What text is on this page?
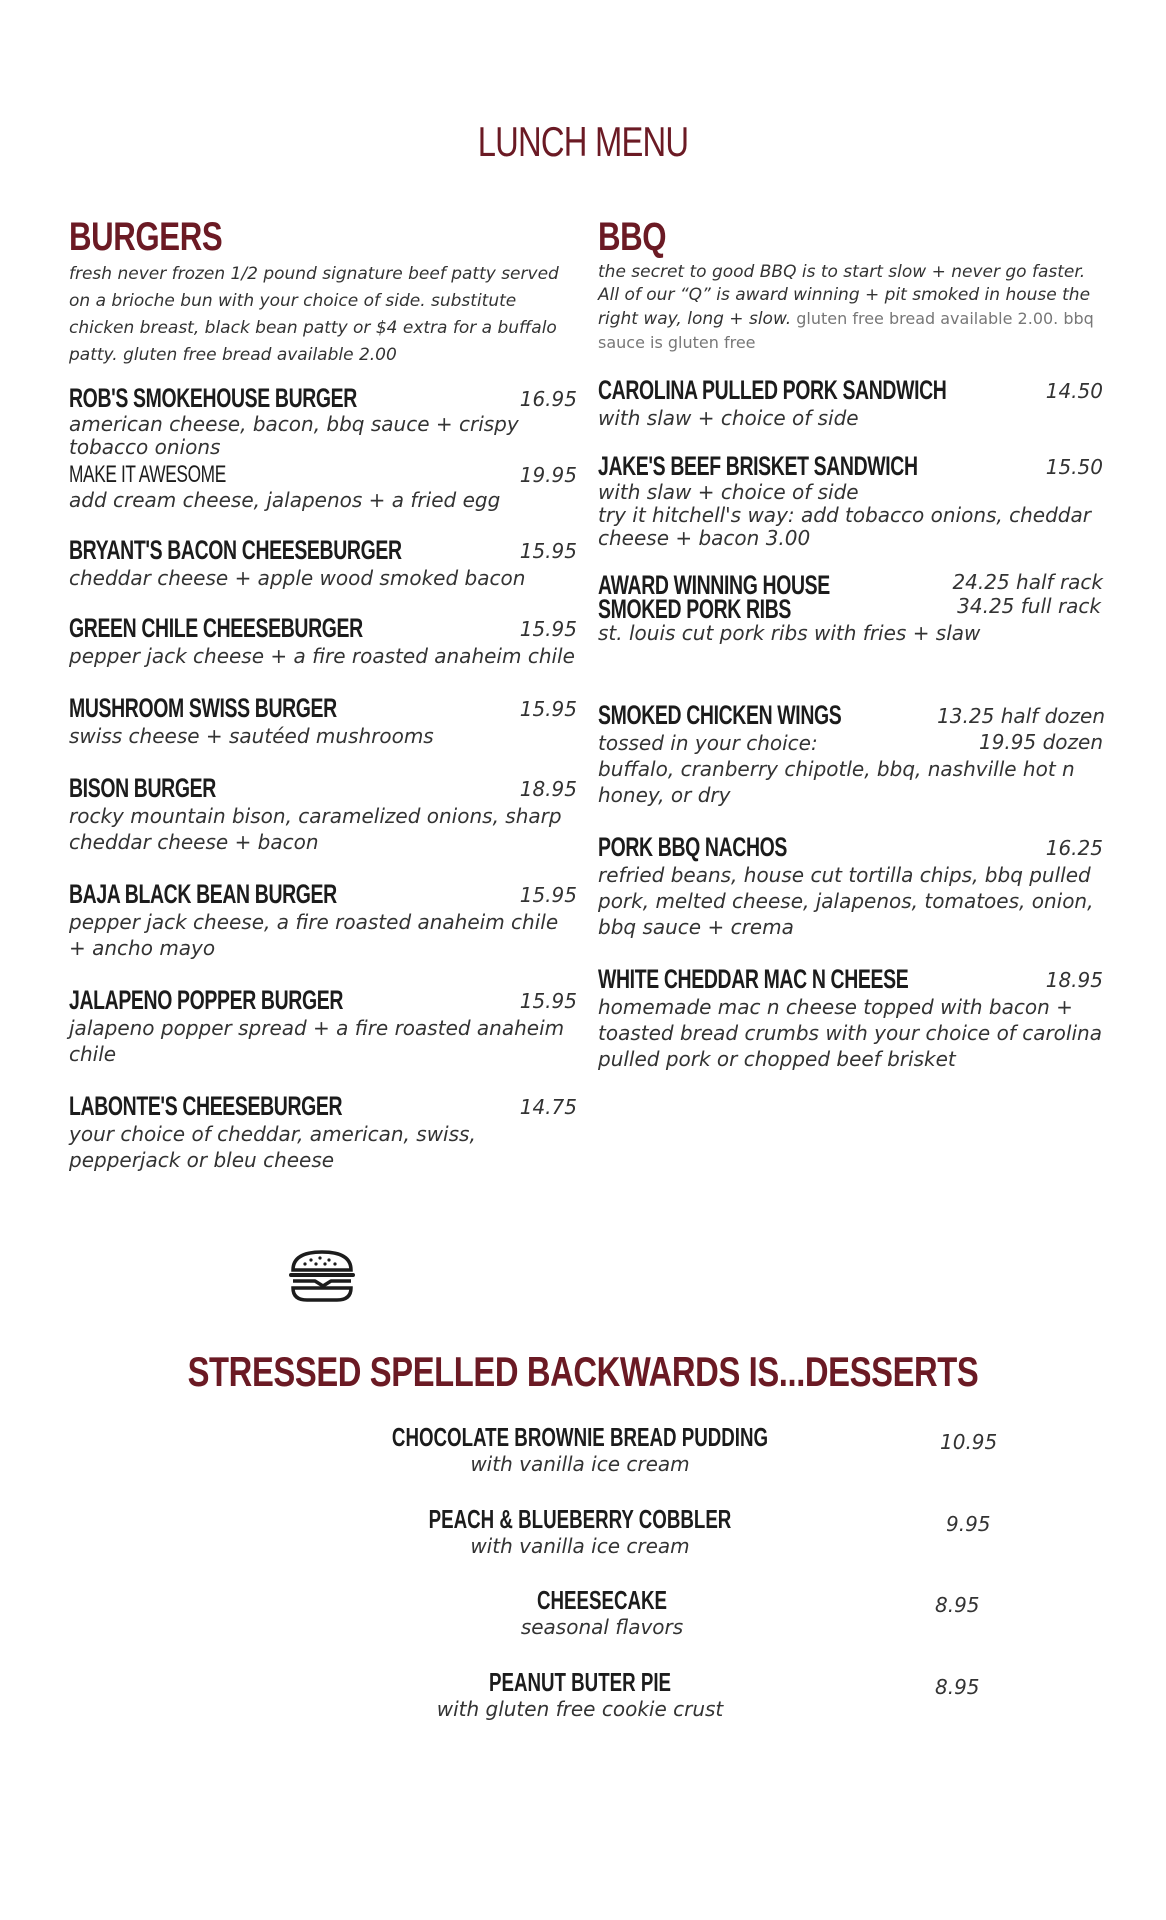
LUNCH MENU
BURGERS
fresh never frozen 1/2 pound signature beef patty served on a brioche bun with your choice of side. substitute chicken breast, black bean patty or $4 extra for a buffalo patty. gluten free bread available 2.00
ROB'S SMOKEHOUSE BURGER	16.95
american cheese, bacon, bbq sauce + crispy tobacco onions
MAKE IT AWESOME	19.95
add cream cheese, jalapenos + a fried egg
BRYANT'S BACON CHEESEBURGER	15.95
cheddar cheese + apple wood smoked bacon
GREEN CHILE CHEESEBURGER	15.95
pepper jack cheese + a fire roasted anaheim chile
MUSHROOM SWISS BURGER	15.95
swiss cheese + sautéed mushrooms
BISON BURGER	18.95
rocky mountain bison, caramelized onions, sharp cheddar cheese + bacon
BAJA BLACK BEAN BURGER	15.95
pepper jack cheese, a fire roasted anaheim chile + ancho mayo
JALAPENO POPPER BURGER	15.95
jalapeno popper spread + a fire roasted anaheim chile
LABONTE'S CHEESEBURGER	14.75
your choice of cheddar, american, swiss, pepperjack or bleu cheese
BBQ
the secret to good BBQ is to start slow + never go faster. All of our “Q” is award winning + pit smoked in house the right way, long + slow. gluten free bread available 2.00. bbq sauce is gluten free
CAROLINA PULLED PORK SANDWICH	14.50
with slaw + choice of side
JAKE'S BEEF BRISKET SANDWICH	15.50
with slaw + choice of side
try it hitchell's way: add tobacco onions, cheddar cheese + bacon 3.00
AWARD WINNING HOUSE
SMOKED PORK RIBS
24.25 half rack
34.25 full rack
st. louis cut pork ribs with fries + slaw
SMOKED CHICKEN WINGS	13.25 half dozen
19.95 dozen
tossed in your choice:
buffalo, cranberry chipotle, bbq, nashville hot n honey, or dry
PORK BBQ NACHOS	16.25
refried beans, house cut tortilla chips, bbq pulled pork, melted cheese, jalapenos, tomatoes, onion, bbq sauce + crema
WHITE CHEDDAR MAC N CHEESE	18.95
homemade mac n cheese topped with bacon + toasted bread crumbs with your choice of carolina pulled pork or chopped beef brisket
STRESSED SPELLED BACKWARDS IS...DESSERTS
CHOCOLATE BROWNIE BREAD PUDDING
with vanilla ice cream
10.95
PEACH & BLUEBERRY COBBLER
with vanilla ice cream
9.95
CHEESECAKE
seasonal flavors
8.95
PEANUT BUTER PIE
with gluten free cookie crust
8.95
